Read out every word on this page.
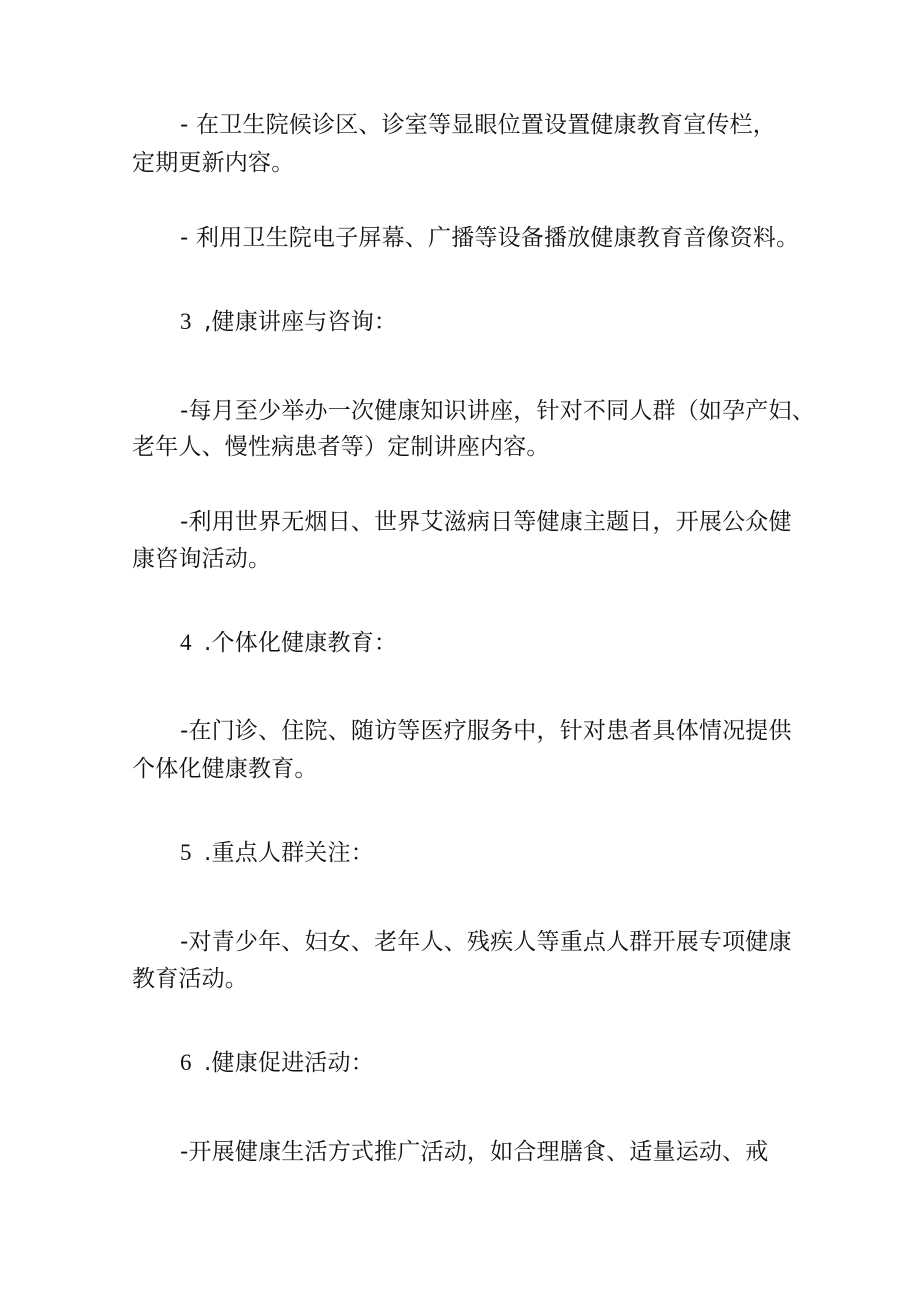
- 在卫生院候诊区、诊室等显眼位置设置健康教育宣传栏，
定期更新内容。
- 利用卫生院电子屏幕、广播等设备播放健康教育音像资料。
3 ,健康讲座与咨询：
-每月至少举办一次健康知识讲座，针对不同人群（如孕产妇、
老年人、慢性病患者等）定制讲座内容。
-利用世界无烟日、世界艾滋病日等健康主题日，开展公众健
康咨询活动。
4 .个体化健康教育：
-在门诊、住院、随访等医疗服务中，针对患者具体情况提供
个体化健康教育。
5 .重点人群关注：
-对青少年、妇女、老年人、残疾人等重点人群开展专项健康
教育活动。
6 .健康促进活动：
-开展健康生活方式推广活动，如合理膳食、适量运动、戒
